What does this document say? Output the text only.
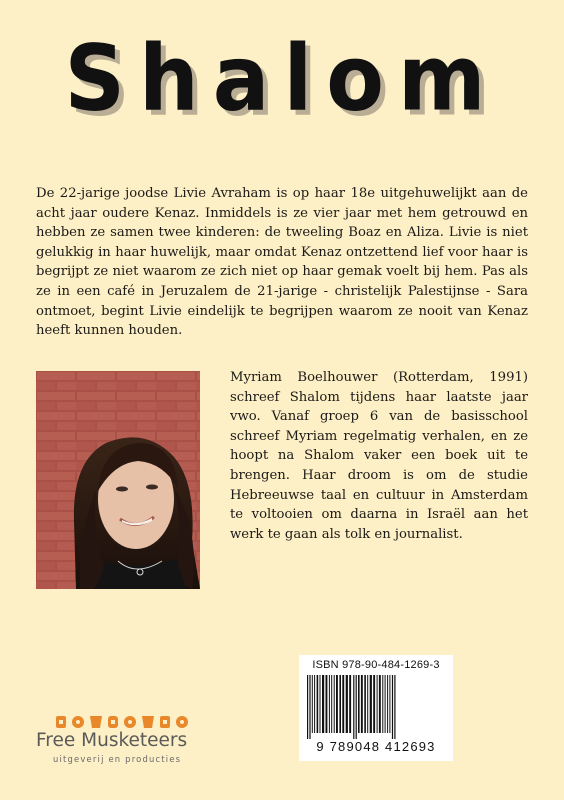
Shalom

De 22-jarige joodse Livie Avraham is op haar 18e uitgehuwelijkt aan de acht jaar oudere Kenaz. Inmiddels is ze vier jaar met hem getrouwd en hebben ze samen twee kinderen: de tweeling Boaz en Aliza. Livie is niet gelukkig in haar huwelijk, maar omdat Kenaz ontzettend lief voor haar is begrijpt ze niet waarom ze zich niet op haar gemak voelt bij hem. Pas als ze in een café in Jeruzalem de 21-jarige - christelijk Palestijnse - Sara ontmoet, begint Livie eindelijk te begrijpen waarom ze nooit van Kenaz heeft kunnen houden.

Myriam Boelhouwer (Rotterdam, 1991) schreef Shalom tijdens haar laatste jaar vwo. Vanaf groep 6 van de basisschool schreef Myriam regelmatig verhalen, en ze hoopt na Shalom vaker een boek uit te brengen. Haar droom is om de studie Hebreeuwse taal en cultuur in Amsterdam te voltooien om daarna in Israël aan het werk te gaan als tolk en journalist.

ISBN 978-90-484-1269-3
9 789048 412693
Free Musketeers
uitgeverij en producties
